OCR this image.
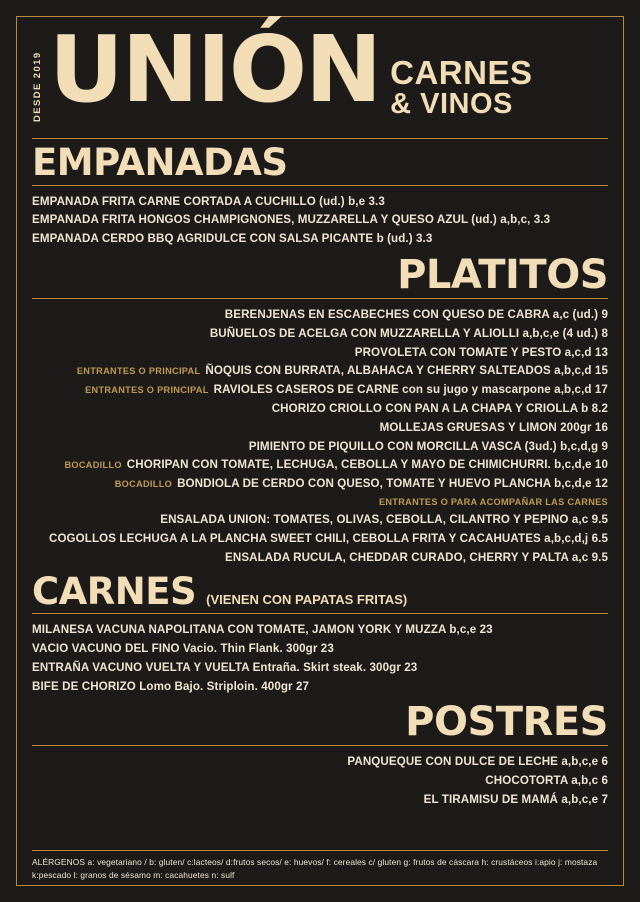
DESDE 2019 UNIÓN CARNES
& VINOS
EMPANADAS
EMPANADA FRITA CARNE CORTADA A CUCHILLO (ud.) b,e 3.3
EMPANADA FRITA HONGOS CHAMPIGNONES, MUZZARELLA Y QUESO AZUL (ud.) a,b,c, 3.3
EMPANADA CERDO BBQ AGRIDULCE CON SALSA PICANTE b (ud.) 3.3
PLATITOS
BERENJENAS EN ESCABECHES CON QUESO DE CABRA a,c (ud.) 9
BUÑUELOS DE ACELGA CON MUZZARELLA Y ALIOLLI a,b,c,e (4 ud.) 8
PROVOLETA CON TOMATE Y PESTO a,c,d 13
ENTRANTES O PRINCIPAL ÑOQUIS CON BURRATA, ALBAHACA Y CHERRY SALTEADOS a,b,c,d 15
ENTRANTES O PRINCIPAL RAVIOLES CASEROS DE CARNE con su jugo y mascarpone a,b,c,d 17
CHORIZO CRIOLLO CON PAN A LA CHAPA Y CRIOLLA b 8.2
MOLLEJAS GRUESAS Y LIMON 200gr 16
PIMIENTO DE PIQUILLO CON MORCILLA VASCA (3ud.) b,c,d,g 9
BOCADILLO CHORIPAN CON TOMATE, LECHUGA, CEBOLLA Y MAYO DE CHIMICHURRI. b,c,d,e 10
BOCADILLO BONDIOLA DE CERDO CON QUESO, TOMATE Y HUEVO PLANCHA b,c,d,e 12
ENTRANTES O PARA ACOMPAÑAR LAS CARNES
ENSALADA UNION: TOMATES, OLIVAS, CEBOLLA, CILANTRO Y PEPINO a,c 9.5
COGOLLOS LECHUGA A LA PLANCHA SWEET CHILI, CEBOLLA FRITA Y CACAHUATES a,b,c,d,j 6.5
ENSALADA RUCULA, CHEDDAR CURADO, CHERRY Y PALTA a,c 9.5
CARNES (VIENEN CON PAPATAS FRITAS)
MILANESA VACUNA NAPOLITANA CON TOMATE, JAMON YORK Y MUZZA b,c,e 23
VACIO VACUNO DEL FINO Vacio. Thin Flank. 300gr 23
ENTRAÑA VACUNO VUELTA Y VUELTA Entraña. Skirt steak. 300gr 23
BIFE DE CHORIZO Lomo Bajo. Striploin. 400gr 27
POSTRES
PANQUEQUE CON DULCE DE LECHE a,b,c,e 6
CHOCOTORTA a,b,c 6
EL TIRAMISU DE MAMÁ a,b,c,e 7
ALÉRGENOS a: vegetariano / b: gluten/ c:lacteos/ d:frutos secos/ e: huevos/ f: cereales c/ gluten g: frutos de cáscara h: crustáceos i:apio j: mostaza
k:pescado l: granos de sésamo m: cacahuetes n: sulf
